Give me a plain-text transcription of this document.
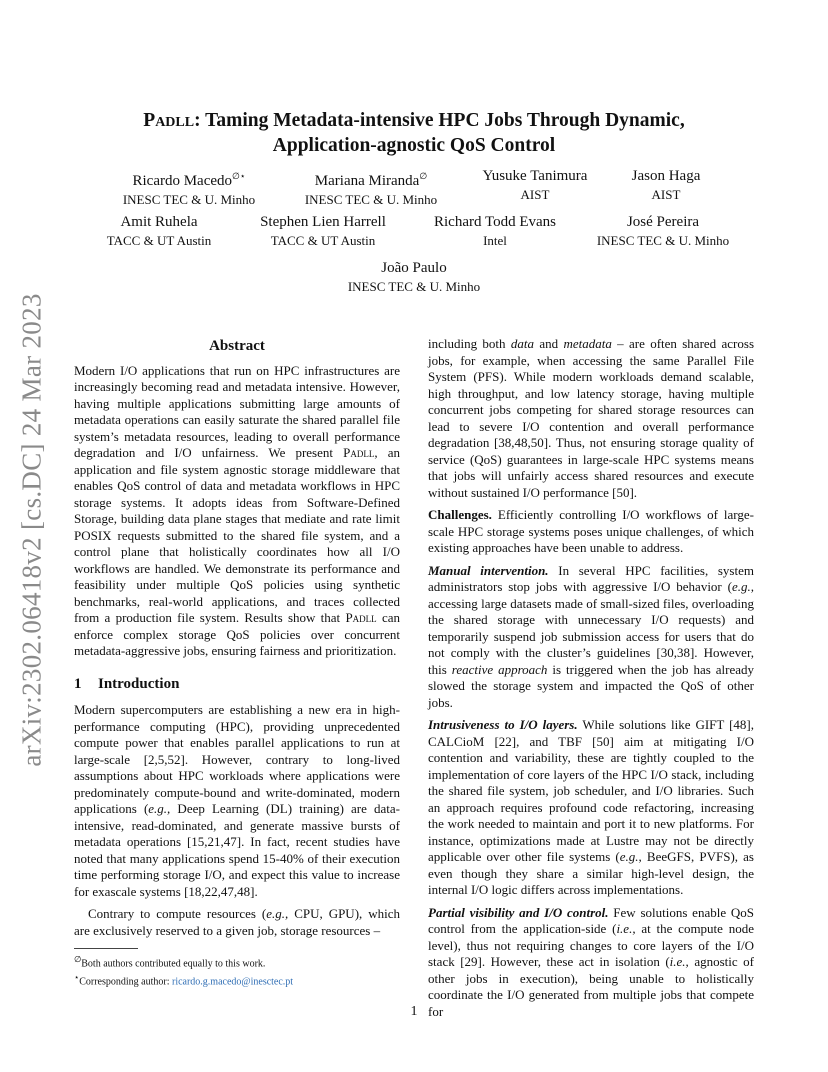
arXiv:2302.06418v2 [cs.DC] 24 Mar 2023
Padll: Taming Metadata-intensive HPC Jobs Through Dynamic,
Application-agnostic QoS Control
Ricardo Macedo∅⋆
INESC TEC & U. Minho
Mariana Miranda∅
INESC TEC & U. Minho
Yusuke Tanimura
AIST
Jason Haga
AIST
Amit Ruhela
TACC & UT Austin
Stephen Lien Harrell
TACC & UT Austin
Richard Todd Evans
Intel
José Pereira
INESC TEC & U. Minho
João Paulo
INESC TEC & U. Minho
Abstract

Modern I/O applications that run on HPC infrastructures are increasingly becoming read and metadata intensive. However, having multiple applications submitting large amounts of metadata operations can easily saturate the shared parallel file system’s metadata resources, leading to overall performance degradation and I/O unfairness. We present Padll, an application and file system agnostic storage middleware that enables QoS control of data and metadata workflows in HPC storage systems. It adopts ideas from Software-Defined Storage, building data plane stages that mediate and rate limit POSIX requests submitted to the shared file system, and a control plane that holistically coordinates how all I/O workflows are handled. We demonstrate its performance and feasibility under multiple QoS policies using synthetic benchmarks, real-world applications, and traces collected from a production file system. Results show that Padll can enforce complex storage QoS policies over concurrent metadata-aggressive jobs, ensuring fairness and prioritization.

1 Introduction

Modern supercomputers are establishing a new era in high-performance computing (HPC), providing unprecedented compute power that enables parallel applications to run at large-scale [2,5,52]. However, contrary to long-lived assumptions about HPC workloads where applications were predominately compute-bound and write-dominated, modern applications (e.g., Deep Learning (DL) training) are data-intensive, read-dominated, and generate massive bursts of metadata operations [15,21,47]. In fact, recent studies have noted that many applications spend 15-40% of their execution time performing storage I/O, and expect this value to increase for exascale systems [18,22,47,48].

Contrary to compute resources (e.g., CPU, GPU), which are exclusively reserved to a given job, storage resources –

including both data and metadata – are often shared across jobs, for example, when accessing the same Parallel File System (PFS). While modern workloads demand scalable, high throughput, and low latency storage, having multiple concurrent jobs competing for shared storage resources can lead to severe I/O contention and overall performance degradation [38,48,50]. Thus, not ensuring storage quality of service (QoS) guarantees in large-scale HPC systems means that jobs will unfairly access shared resources and execute without sustained I/O performance [50].

Challenges. Efficiently controlling I/O workflows of large-scale HPC storage systems poses unique challenges, of which existing approaches have been unable to address.

Manual intervention. In several HPC facilities, system administrators stop jobs with aggressive I/O behavior (e.g., accessing large datasets made of small-sized files, overloading the shared storage with unnecessary I/O requests) and temporarily suspend job submission access for users that do not comply with the cluster’s guidelines [30,38]. However, this reactive approach is triggered when the job has already slowed the storage system and impacted the QoS of other jobs.

Intrusiveness to I/O layers. While solutions like GIFT [48], CALCioM [22], and TBF [50] aim at mitigating I/O contention and variability, these are tightly coupled to the implementation of core layers of the HPC I/O stack, including the shared file system, job scheduler, and I/O libraries. Such an approach requires profound code refactoring, increasing the work needed to maintain and port it to new platforms. For instance, optimizations made at Lustre may not be directly applicable over other file systems (e.g., BeeGFS, PVFS), as even though they share a similar high-level design, the internal I/O logic differs across implementations.

Partial visibility and I/O control. Few solutions enable QoS control from the application-side (i.e., at the compute node level), thus not requiring changes to core layers of the I/O stack [29]. However, these act in isolation (i.e., agnostic of other jobs in execution), being unable to holistically coordinate the I/O generated from multiple jobs that compete for

∅Both authors contributed equally to this work.
⋆Corresponding author: ricardo.g.macedo@inesctec.pt
1
